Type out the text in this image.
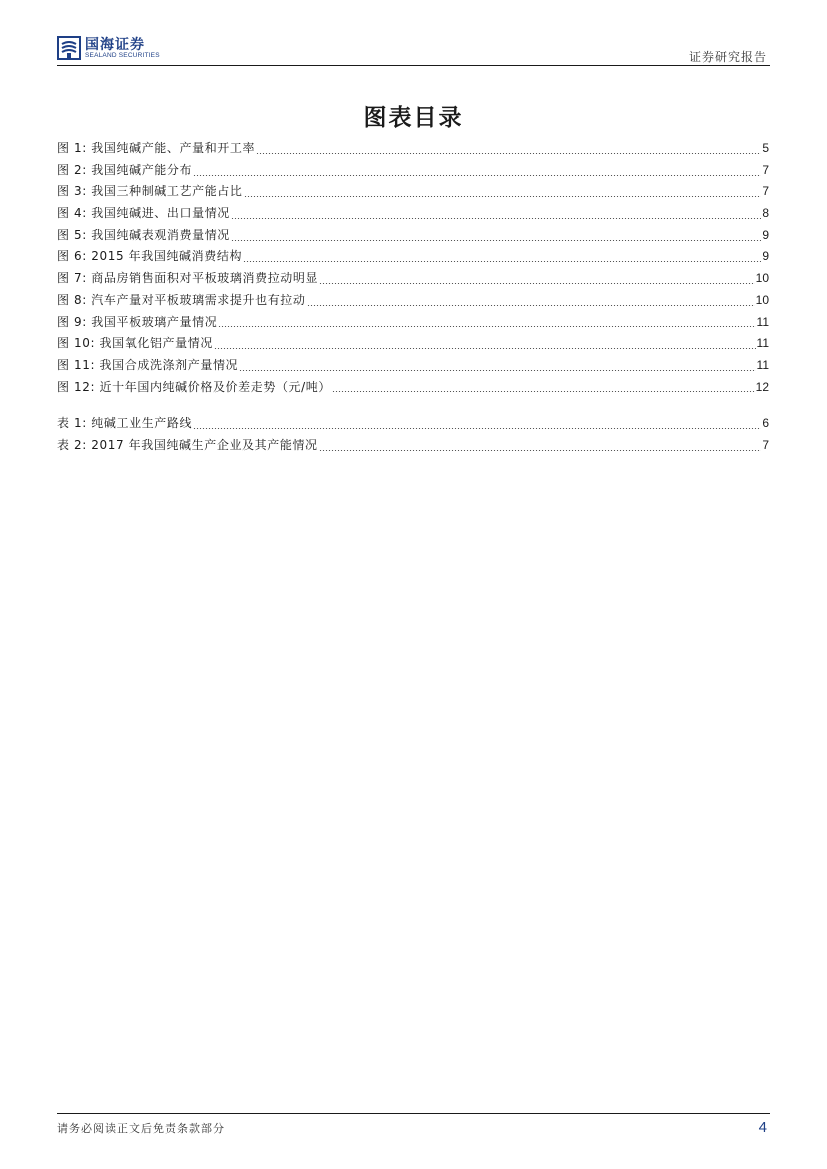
国海证券
SEALAND SECURITIES	证券研究报告
图表目录
图 1: 我国纯碱产能、产量和开工率	5
图 2: 我国纯碱产能分布	7
图 3: 我国三种制碱工艺产能占比	7
图 4: 我国纯碱进、出口量情况	8
图 5: 我国纯碱表观消费量情况	9
图 6: 2015 年我国纯碱消费结构	9
图 7: 商品房销售面积对平板玻璃消费拉动明显	10
图 8: 汽车产量对平板玻璃需求提升也有拉动	10
图 9: 我国平板玻璃产量情况	11
图 10: 我国氧化铝产量情况	11
图 11: 我国合成洗涤剂产量情况	11
图 12: 近十年国内纯碱价格及价差走势（元/吨）	12
表 1: 纯碱工业生产路线	6
表 2: 2017 年我国纯碱生产企业及其产能情况	7
请务必阅读正文后免责条款部分	4
